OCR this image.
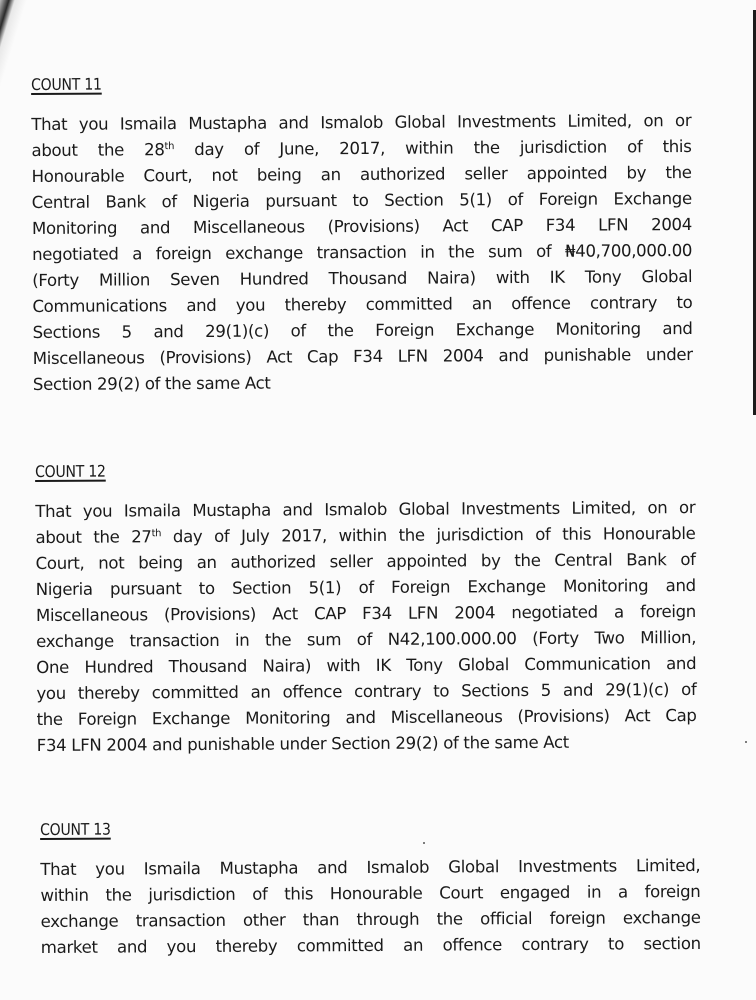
COUNT 11

That you Ismaila Mustapha and Ismalob Global Investments Limited, on or
about the 28th day of June, 2017, within the jurisdiction of this
Honourable Court, not being an authorized seller appointed by the
Central Bank of Nigeria pursuant to Section 5(1) of Foreign Exchange
Monitoring and Miscellaneous (Provisions) Act CAP F34 LFN 2004
negotiated a foreign exchange transaction in the sum of ₦40,700,000.00
(Forty Million Seven Hundred Thousand Naira) with IK Tony Global
Communications and you thereby committed an offence contrary to
Sections 5 and 29(1)(c) of the Foreign Exchange Monitoring and
Miscellaneous (Provisions) Act Cap F34 LFN 2004 and punishable under
Section 29(2) of the same Act

COUNT 12

That you Ismaila Mustapha and Ismalob Global Investments Limited, on or
about the 27th day of July 2017, within the jurisdiction of this Honourable
Court, not being an authorized seller appointed by the Central Bank of
Nigeria pursuant to Section 5(1) of Foreign Exchange Monitoring and
Miscellaneous (Provisions) Act CAP F34 LFN 2004 negotiated a foreign
exchange transaction in the sum of N42,100.000.00 (Forty Two Million,
One Hundred Thousand Naira) with IK Tony Global Communication and
you thereby committed an offence contrary to Sections 5 and 29(1)(c) of
the Foreign Exchange Monitoring and Miscellaneous (Provisions) Act Cap
F34 LFN 2004 and punishable under Section 29(2) of the same Act

COUNT 13

That you Ismaila Mustapha and Ismalob Global Investments Limited,
within the jurisdiction of this Honourable Court engaged in a foreign
exchange transaction other than through the official foreign exchange
market and you thereby committed an offence contrary to section
